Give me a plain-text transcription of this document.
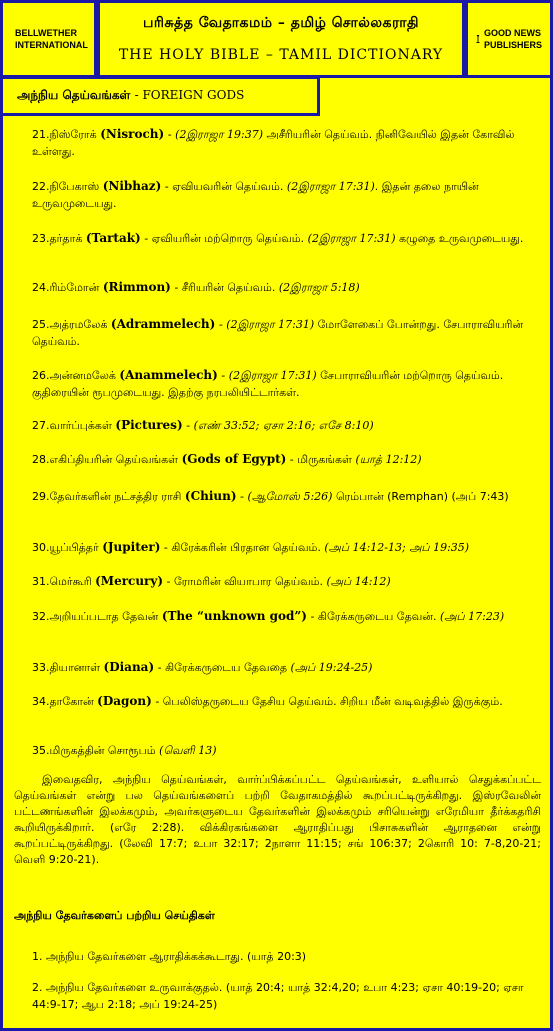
BELLWETHER
INTERNATIONAL
பரிசுத்த வேதாகமம் – தமிழ் சொல்லகராதி
THE HOLY BIBLE – TAMIL DICTIONARY
GOOD NEWS
PUBLISHERS
அந்நிய தெய்வங்கள் - FOREIGN GODS
21.நிஸ்ரோக் (Nisroch) - (2இராஜா 19:37) அசீரியரின் தெய்வம். நினிவேயில் இதன் கோவில் உள்ளது.
22.நிபேகாஸ் (Nibhaz) - ஏவியவரின் தெய்வம். (2இராஜா 17:31). இதன் தலை நாயின் உருவமுடையது.
23.தர்தாக் (Tartak) - ஏவியரின் மற்றொரு தெய்வம். (2இராஜா 17:31) கழுதை உருவமுடையது.
24.ரிம்மோன் (Rimmon) - சீரியரின் தெய்வம். (2இராஜா 5:18)
25.அத்ரமலேக் (Adrammelech) - (2இராஜா 17:31) மோளேகைப் போன்றது. சேபாராவியரின் தெய்வம்.
26.அன்னமலேக் (Anammelech) - (2இராஜா 17:31) சேபாராவியரின் மற்றொரு தெய்வம். குதிரையின் ரூபமுடையது. இதற்கு நரபலியிட்டார்கள்.
27.வார்ப்புக்கள் (Pictures) - (எண் 33:52; ஏசா 2:16; எசே 8:10)
28.எகிப்தியரின் தெய்வங்கள் (Gods of Egypt) - மிருகங்கள் (யாத் 12:12)
29.தேவர்களின் நட்சத்திர ராசி (Chiun) - (ஆமோஸ் 5:26) ரெம்பான் (Remphan) (அப் 7:43)
30.யூப்பித்தர் (Jupiter) - கிரேக்கரின் பிரதான தெய்வம். (அப் 14:12-13; அப் 19:35)
31.மெர்கூரி (Mercury) - ரோமரின் வியாபார தெய்வம். (அப் 14:12)
32.அறியப்படாத தேவன் (The “unknown god”) - கிரேக்கருடைய தேவன். (அப் 17:23)
33.தியானாள் (Diana) - கிரேக்கருடைய தேவதை (அப் 19:24-25)
34.தாகோன் (Dagon) - பெலிஸ்தருடைய தேசிய தெய்வம். சிறிய மீன் வடிவத்தில் இருக்கும்.
35.மிருகத்தின் சொரூபம் (வெளி 13)
இவைதவிர, அந்நிய தெய்வங்கள், வார்ப்பிக்கப்பட்ட தெய்வங்கள், உளியால் செதுக்கப்பட்ட தெய்வங்கள் என்று பல தெய்வங்களைப் பற்றி வேதாகமத்தில் கூறப்பட்டிருக்கிறது. இஸ்ரவேலின் பட்டணங்களின் இலக்கமும், அவர்களுடைய தேவர்களின் இலக்கமும் சரியென்று எரேமியா தீர்க்கதரிசி கூறியிருக்கிறார். (எரே 2:28). விக்கிரகங்களை ஆராதிப்பது பிசாசுகளின் ஆராதனை என்று கூறப்பட்டிருக்கிறது. (லேவி 17:7; உபா 32:17; 2நாளா 11:15; சங் 106:37; 2கொரி 10: 7-8,20-21; வெளி 9:20-21).
அந்நிய தேவர்களைப் பற்றிய செய்திகள்
1. அந்நிய தேவர்களை ஆராதிக்கக்கூடாது. (யாத் 20:3)
2. அந்நிய தேவர்களை உருவாக்குதல். (யாத் 20:4; யாத் 32:4,20; உபா 4:23; ஏசா 40:19-20; ஏசா 44:9-17; ஆப 2:18; அப் 19:24-25)
